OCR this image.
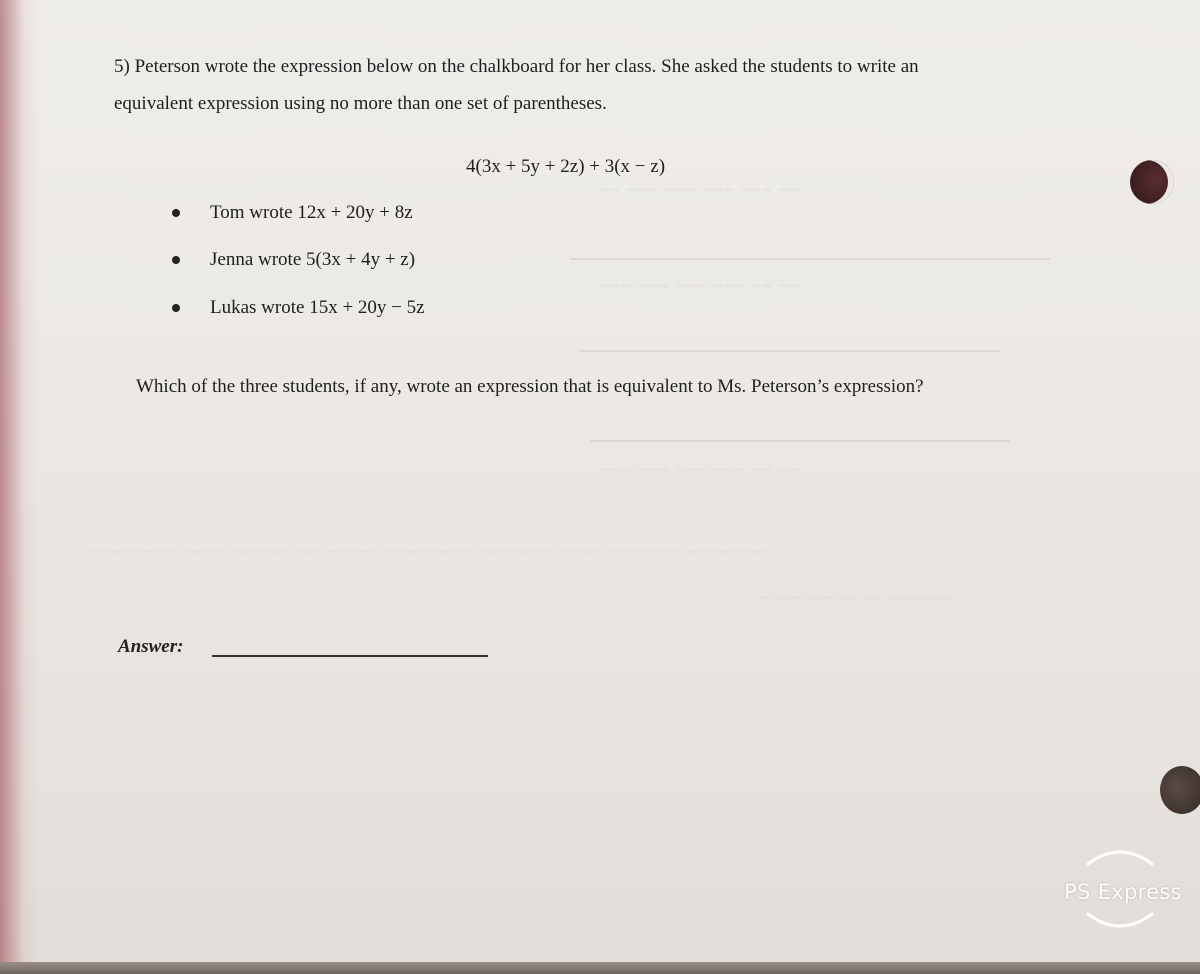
~~ ~~~ ~~~ ~~~ ~~~ ~~
~~~ ~~~ ~~~ ~~~ ~~ ~~
~~~ ~~~ ~~~ ~~~ ~~ ~~
~~~~~~~~ ~~~~ ~~~~~~ ~~ ~~~~~ ~~~~~~~~ ~~~~~~~ ~~~~ ~~~~~~~ ~~~~~~~~
~~~~~~~~~ ~~ ~~~~~~
5) Peterson wrote the expression below on the chalkboard for her class. She asked the students to write an
equivalent expression using no more than one set of parentheses.
4(3x + 5y + 2z) + 3(x − z)
Tom wrote 12x + 20y + 8z
Jenna wrote 5(3x + 4y + z)
Lukas wrote 15x + 20y − 5z
Which of the three students, if any, wrote an expression that is equivalent to Ms. Peterson’s expression?
Answer:
PS Express
